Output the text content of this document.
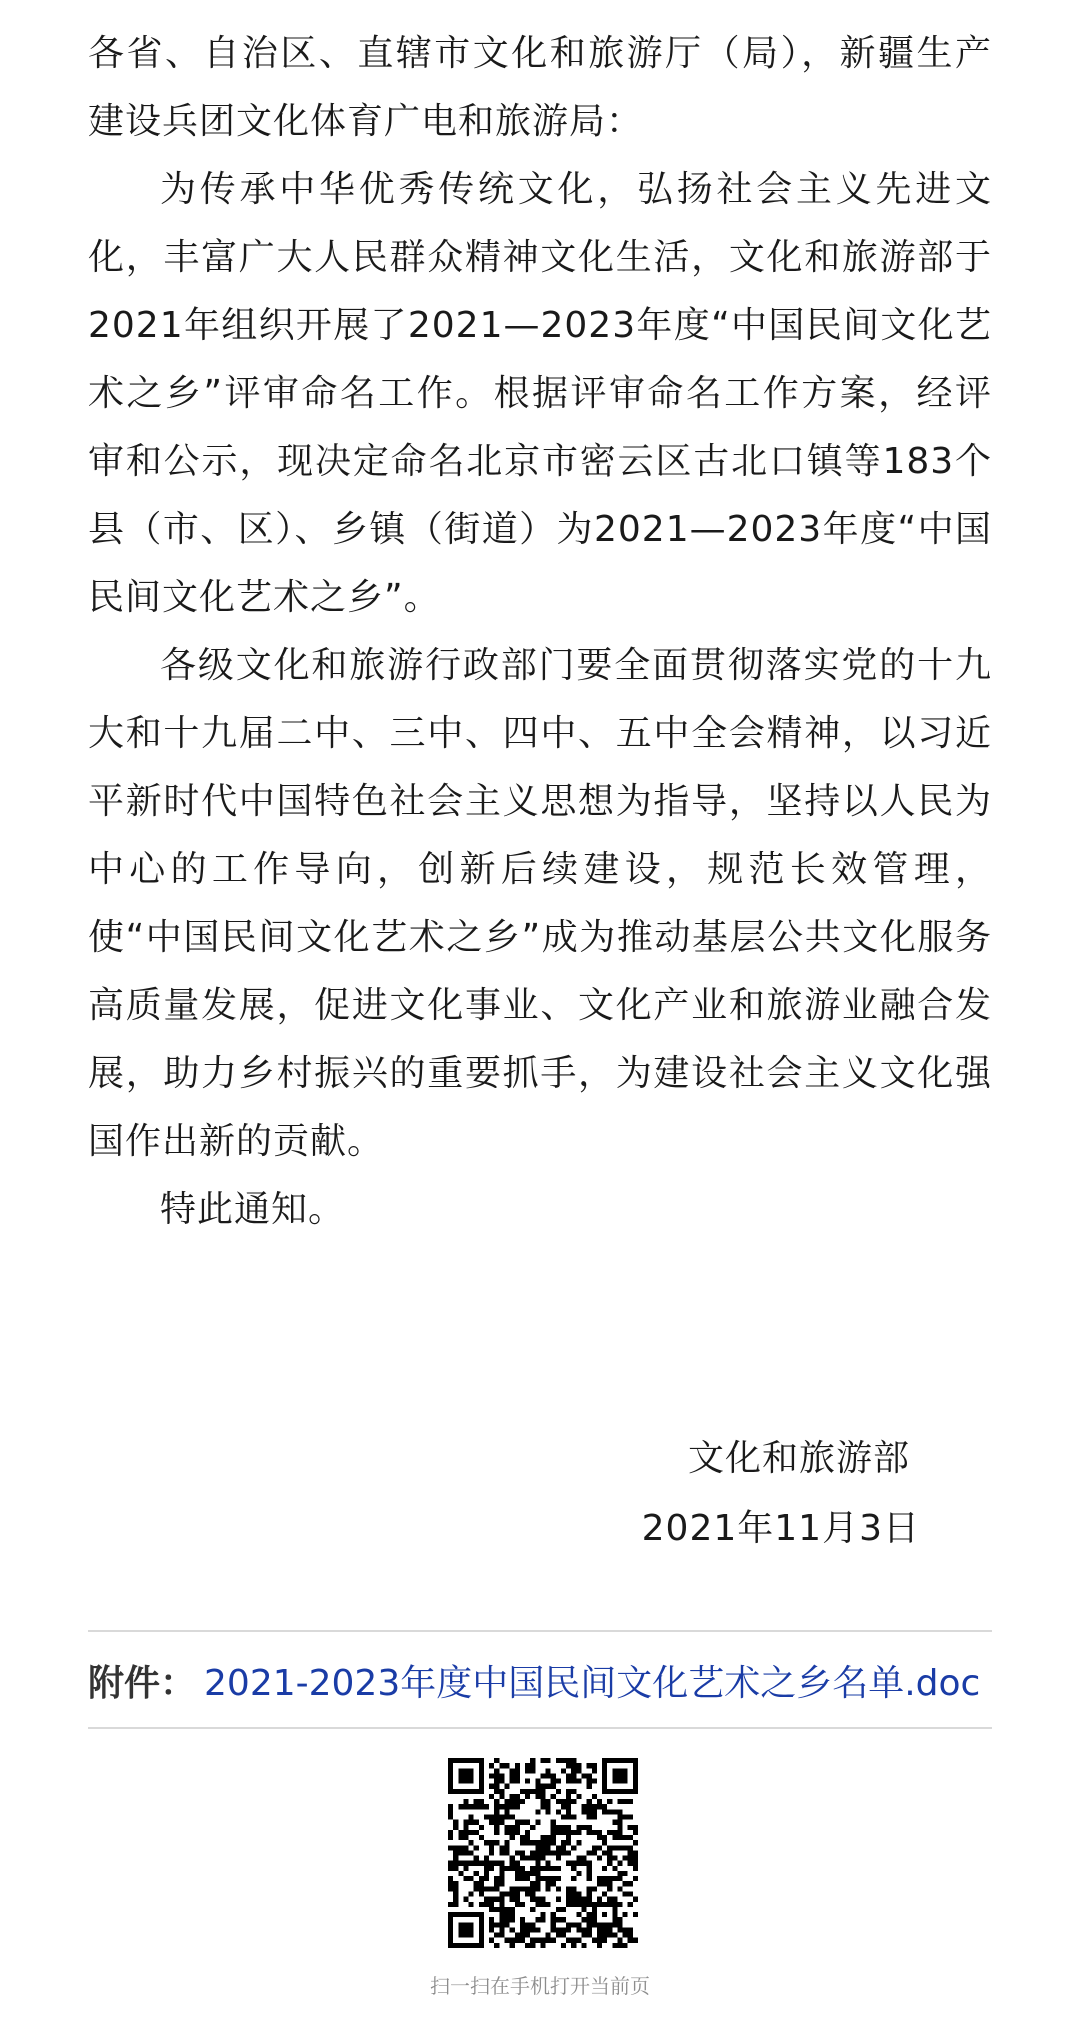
各省、自治区、直辖市文化和旅游厅（局），新疆生产建设兵团文化体育广电和旅游局：

为传承中华优秀传统文化，弘扬社会主义先进文化，丰富广大人民群众精神文化生活，文化和旅游部于2021年组织开展了2021—2023年度“中国民间文化艺术之乡”评审命名工作。根据评审命名工作方案，经评审和公示，现决定命名北京市密云区古北口镇等183个县（市、区）、乡镇（街道）为2021—2023年度“中国民间文化艺术之乡”。

各级文化和旅游行政部门要全面贯彻落实党的十九大和十九届二中、三中、四中、五中全会精神，以习近平新时代中国特色社会主义思想为指导，坚持以人民为中心的工作导向，创新后续建设，规范长效管理，使“中国民间文化艺术之乡”成为推动基层公共文化服务高质量发展，促进文化事业、文化产业和旅游业融合发展，助力乡村振兴的重要抓手，为建设社会主义文化强国作出新的贡献。

特此通知。

文化和旅游部
2021年11月3日
附件： 2021-2023年度中国民间文化艺术之乡名单.doc
扫一扫在手机打开当前页
